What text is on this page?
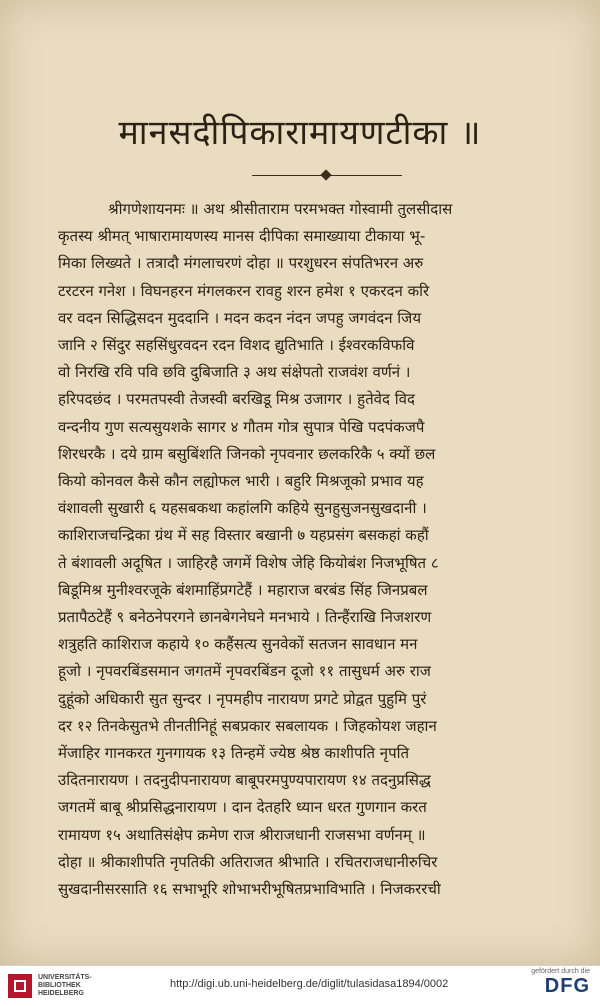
मानसदीपिकारामायणटीका ॥
श्रीगणेशायनमः ॥ अथ श्रीसीताराम परमभक्त गोस्वामी तुलसीदास
कृतस्य श्रीमत् भाषारामायणस्य मानस दीपिका समाख्याया टीकाया भू-
मिका लिख्यते । तत्रादौ मंगलाचरणं दोहा ॥ परशुधरन संपतिभरन अरु
टरटरन गनेश । विघनहरन मंगलकरन रावहु शरन हमेश १ एकरदन करि
वर वदन सिद्धिसदन मुददानि । मदन कदन नंदन जपहु जगवंदन जिय
जानि २ सिंदुर सहसिंधुरवदन रदन विशद द्युतिभाति । ईश्वरकविफवि
वो निरखि रवि पवि छवि दुबिजाति ३ अथ संक्षेपतो राजवंश वर्णनं ।
हरिपदछंद । परमतपस्वी तेजस्वी बरखिडू मिश्र उजागर । हुतेवेद विद
वन्दनीय गुण सत्यसुयशके सागर ४ गौतम गोत्र सुपात्र पेखि पदपंकजपै
शिरधरकै । दये ग्राम बसुबिंशति जिनको नृपवनार छलकरिकै ५ क्यों छल
कियो कोनवल कैसे कौन लह्योफल भारी । बहुरि मिश्रजूको प्रभाव यह
वंशावली सुखारी ६ यहसबकथा कहांलगि कहिये सुनहुसुजनसुखदानी ।
काशिराजचन्द्रिका ग्रंथ में सह विस्तार बखानी ७ यहप्रसंग बसकहां कहौं
ते बंशावली अदूषित । जाहिरहै जगमें विशेष जेहि कियोबंश निजभूषित ८
बिडूमिश्र मुनीश्वरजूके बंशमाहिंप्रगटेहैं । महाराज बरबंड सिंह जिनप्रबल
प्रतापैठटेहैं ९ बनेठनेपरगने छानबेगनेघने मनभाये । तिन्हैंराखि निजशरण
शत्रुहति काशिराज कहाये १० कहैंसत्य सुनवेकों सतजन सावधान मन
हूजो । नृपवरबिंडसमान जगतमें नृपवरबिंडन दूजो ११ तासुधर्म अरु राज
दुहूंको अधिकारी सुत सुन्दर । नृपमहीप नारायण प्रगटे प्रोद्वत पुहुमि पुरं
दर १२ तिनकेसुतभे तीनतीनिहूं सबप्रकार सबलायक । जिहकोयश जहान
मेंजाहिर गानकरत गुनगायक १३ तिन्हमें ज्येष्ठ श्रेष्ठ काशीपति नृपति
उदितनारायण । तदनुदीपनारायण बाबूपरमपुण्यपारायण १४ तदनुप्रसिद्ध
जगतमें बाबू श्रीप्रसिद्धनारायण । दान देतहरि ध्यान धरत गुणगान करत
रामायण १५ अथातिसंक्षेप क्रमेण राज श्रीराजधानी राजसभा वर्णनम् ॥
दोहा ॥ श्रीकाशीपति नृपतिकी अतिराजत श्रीभाति । रचितराजधानीरुचिर
सुखदानीसरसाति १६ सभाभूरि शोभाभरीभूषितप्रभाविभाति । निजकररची
UNIVERSITÄTS-
BIBLIOTHEK
HEIDELBERG
http://digi.ub.uni-heidelberg.de/diglit/tulasidasa1894/0002
gefördert durch die
DFG
